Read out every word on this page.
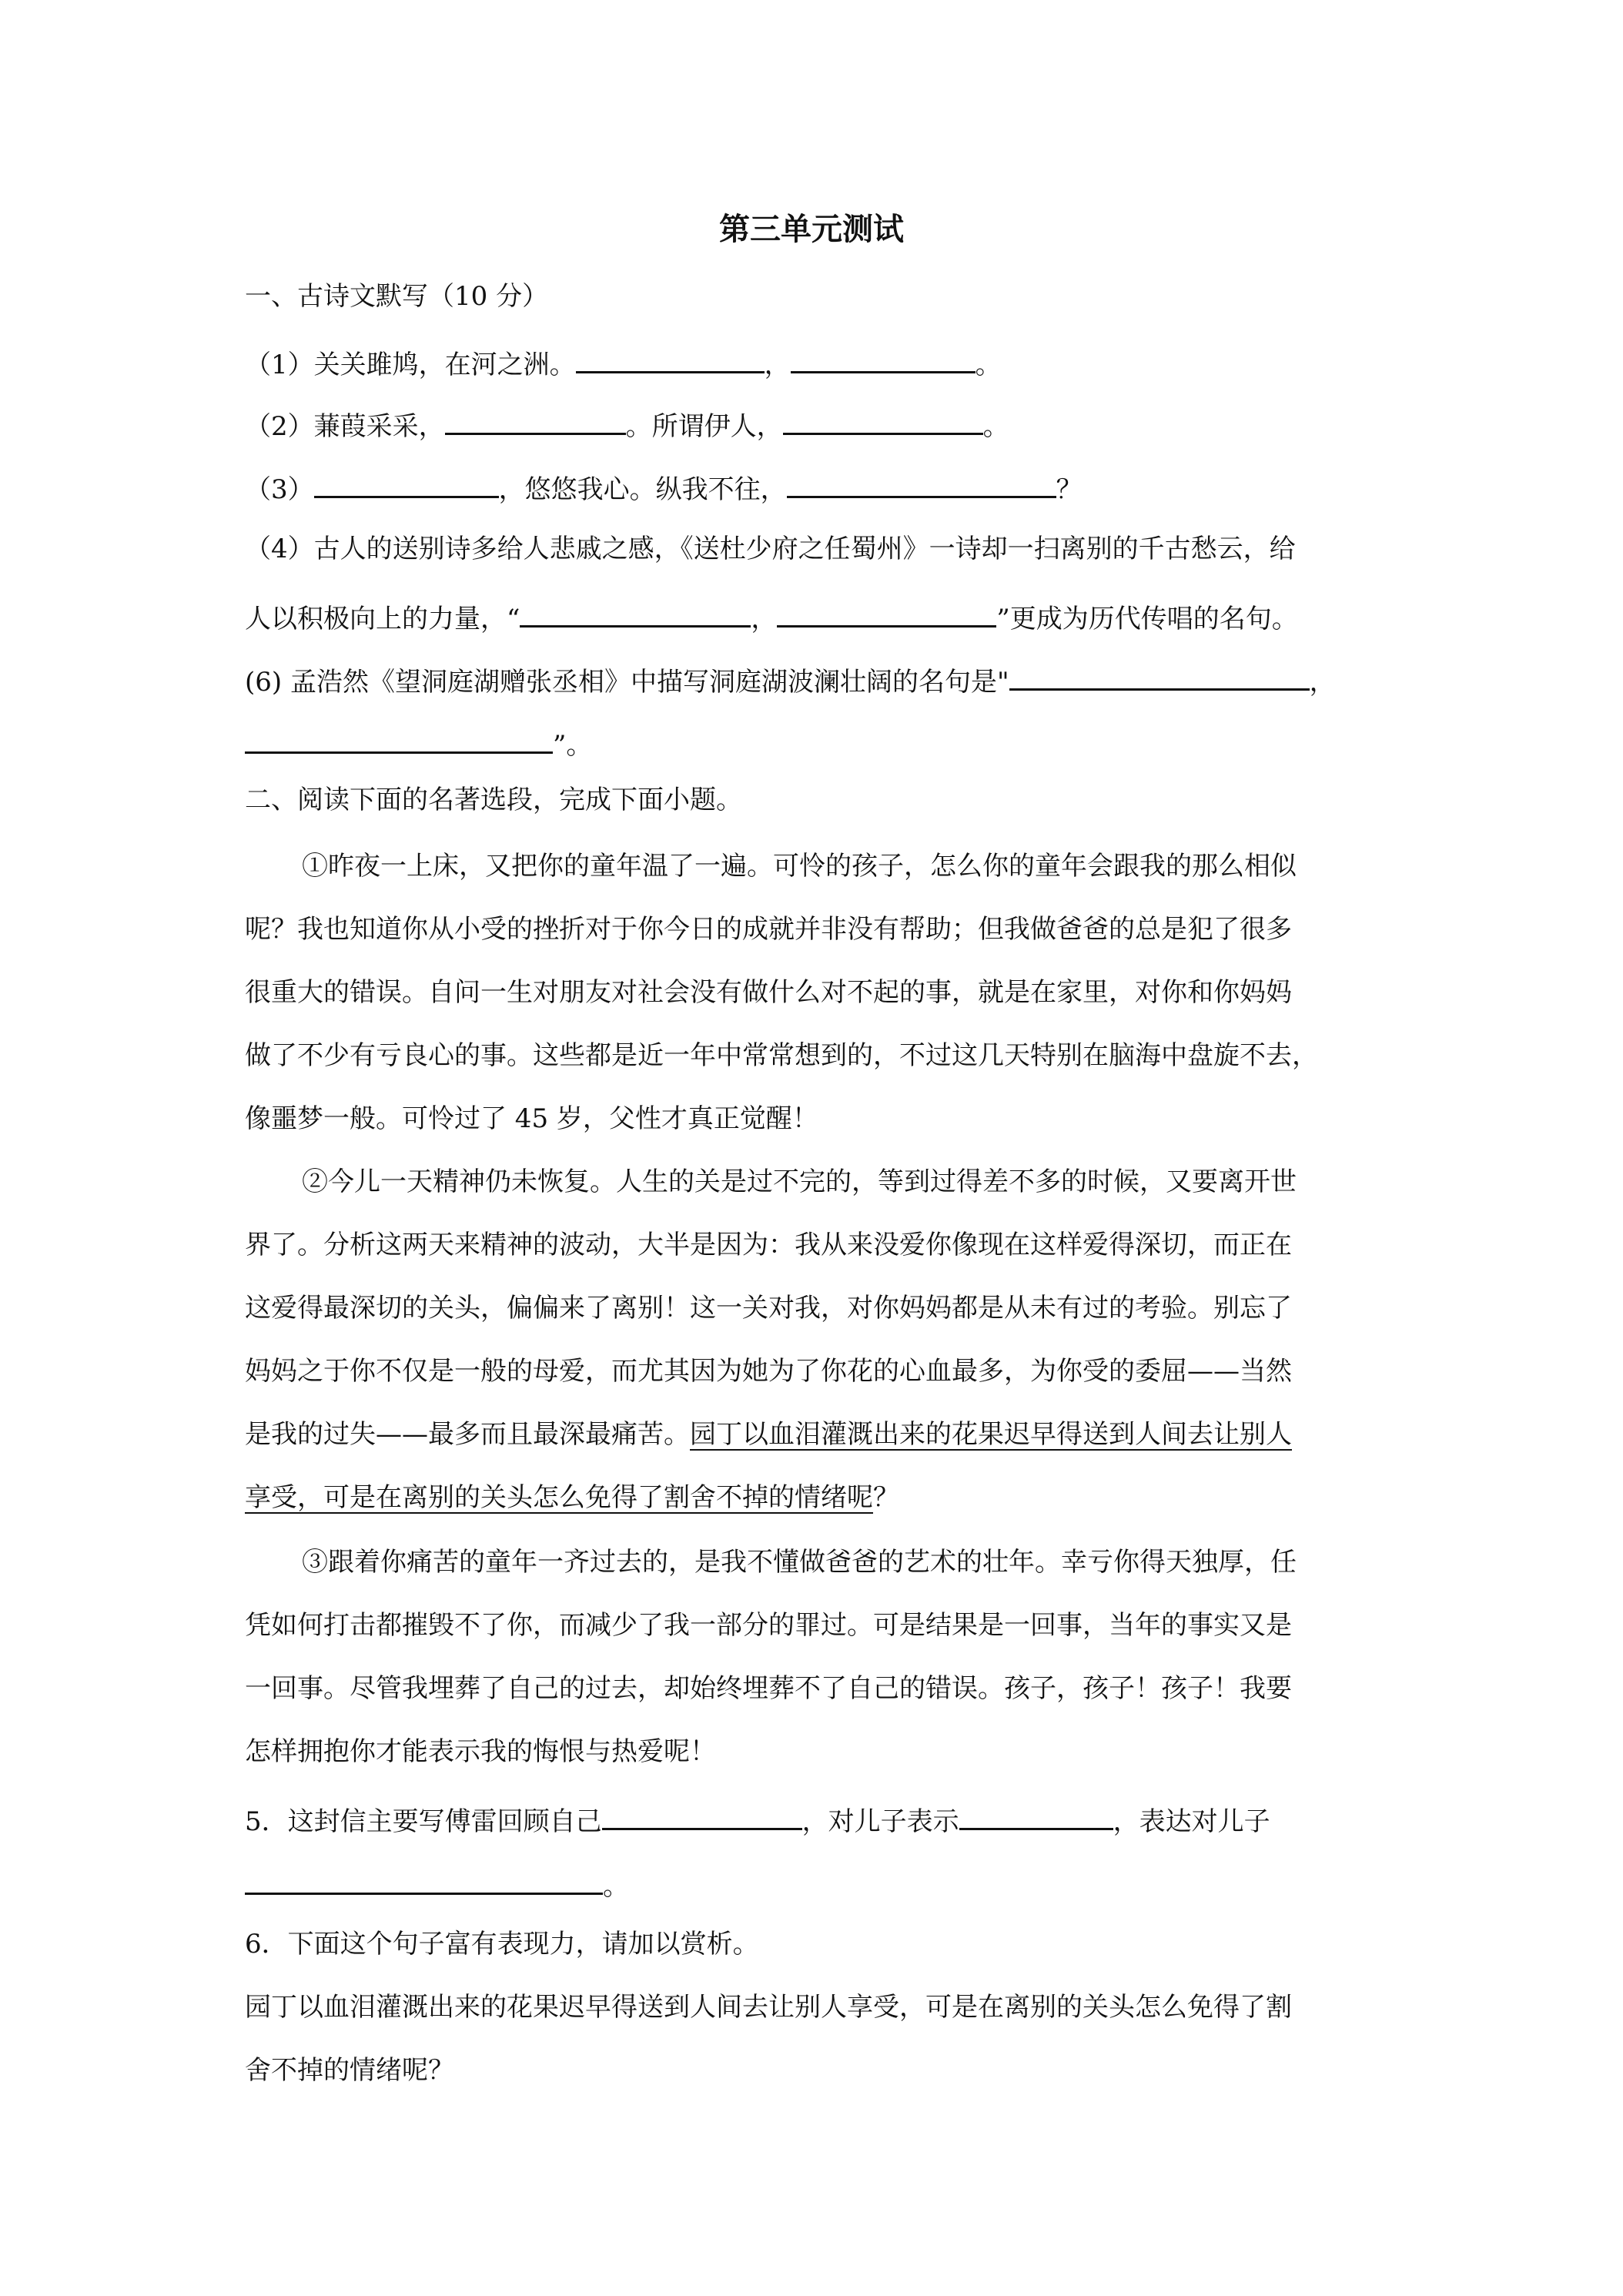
第三单元测试
一、古诗文默写（10 分）
（1）关关雎鸠，在河之洲。	，	。
（2）蒹葭采采，	。所谓伊人，	。
（3）	，悠悠我心。纵我不往，	？
（4）古人的送别诗多给人悲戚之感，《送杜少府之任蜀州》一诗却一扫离别的千古愁云，给
人以积极向上的力量，“	，	”更成为历代传唱的名句。
(6) 孟浩然《望洞庭湖赠张丞相》中描写洞庭湖波澜壮阔的名句是"	，
”。
二、阅读下面的名著选段，完成下面小题。
①昨夜一上床，又把你的童年温了一遍。可怜的孩子，怎么你的童年会跟我的那么相似
呢？我也知道你从小受的挫折对于你今日的成就并非没有帮助；但我做爸爸的总是犯了很多
很重大的错误。自问一生对朋友对社会没有做什么对不起的事，就是在家里，对你和你妈妈
做了不少有亏良心的事。这些都是近一年中常常想到的，不过这几天特别在脑海中盘旋不去，
像噩梦一般。可怜过了 45 岁，父性才真正觉醒！
②今儿一天精神仍未恢复。人生的关是过不完的，等到过得差不多的时候，又要离开世
界了。分析这两天来精神的波动，大半是因为：我从来没爱你像现在这样爱得深切，而正在
这爱得最深切的关头，偏偏来了离别！这一关对我，对你妈妈都是从未有过的考验。别忘了
妈妈之于你不仅是一般的母爱，而尤其因为她为了你花的心血最多，为你受的委屈——当然
是我的过失——最多而且最深最痛苦。园丁以血泪灌溉出来的花果迟早得送到人间去让别人
享受，可是在离别的关头怎么免得了割舍不掉的情绪呢？
③跟着你痛苦的童年一齐过去的，是我不懂做爸爸的艺术的壮年。幸亏你得天独厚，任
凭如何打击都摧毁不了你，而减少了我一部分的罪过。可是结果是一回事，当年的事实又是
一回事。尽管我埋葬了自己的过去，却始终埋葬不了自己的错误。孩子，孩子！孩子！我要
怎样拥抱你才能表示我的悔恨与热爱呢！
5．这封信主要写傅雷回顾自己	，对儿子表示	，表达对儿子
。
6．下面这个句子富有表现力，请加以赏析。
园丁以血泪灌溉出来的花果迟早得送到人间去让别人享受，可是在离别的关头怎么免得了割
舍不掉的情绪呢？
